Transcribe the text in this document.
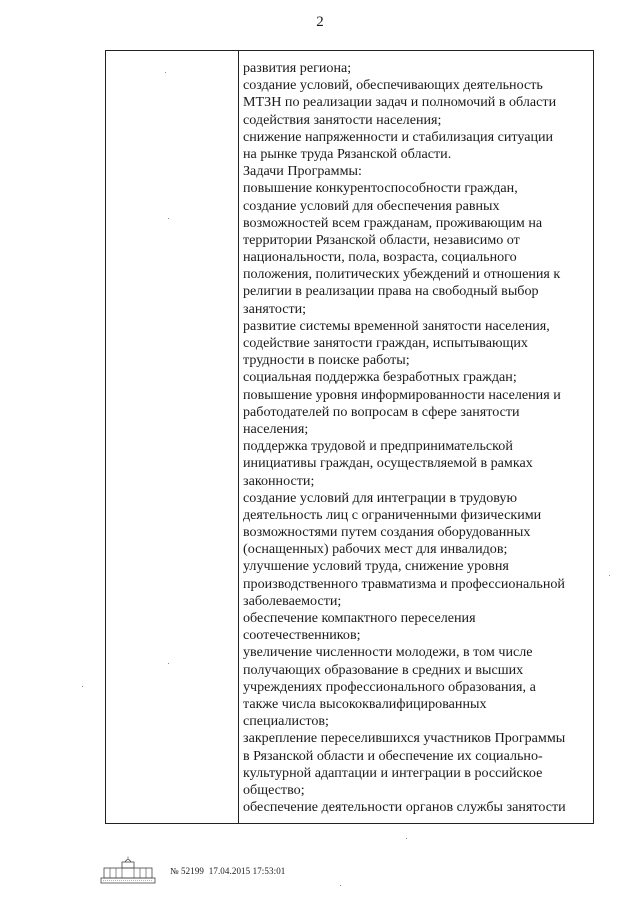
2
развития региона;
создание условий, обеспечивающих деятельность
МТЗН по реализации задач и полномочий в области
содействия занятости населения;
снижение напряженности и стабилизация ситуации
на рынке труда Рязанской области.
Задачи Программы:
повышение конкурентоспособности граждан,
создание условий для обеспечения равных
возможностей всем гражданам, проживающим на
территории Рязанской области, независимо от
национальности, пола, возраста, социального
положения, политических убеждений и отношения к
религии в реализации права на свободный выбор
занятости;
развитие системы временной занятости населения,
содействие занятости граждан, испытывающих
трудности в поиске работы;
социальная поддержка безработных граждан;
повышение уровня информированности населения и
работодателей по вопросам в сфере занятости
населения;
поддержка трудовой и предпринимательской
инициативы граждан, осуществляемой в рамках
законности;
создание условий для интеграции в трудовую
деятельность лиц с ограниченными физическими
возможностями путем создания оборудованных
(оснащенных) рабочих мест для инвалидов;
улучшение условий труда, снижение уровня
производственного травматизма и профессиональной
заболеваемости;
обеспечение компактного переселения
соотечественников;
увеличение численности молодежи, в том числе
получающих образование в средних и высших
учреждениях профессионального образования, а
также числа высококвалифицированных
специалистов;
закрепление переселившихся участников Программы
в Рязанской области и обеспечение их социально-
культурной адаптации и интеграции в российское
общество;
обеспечение деятельности органов службы занятости
№ 52199 17.04.2015 17:53:01
